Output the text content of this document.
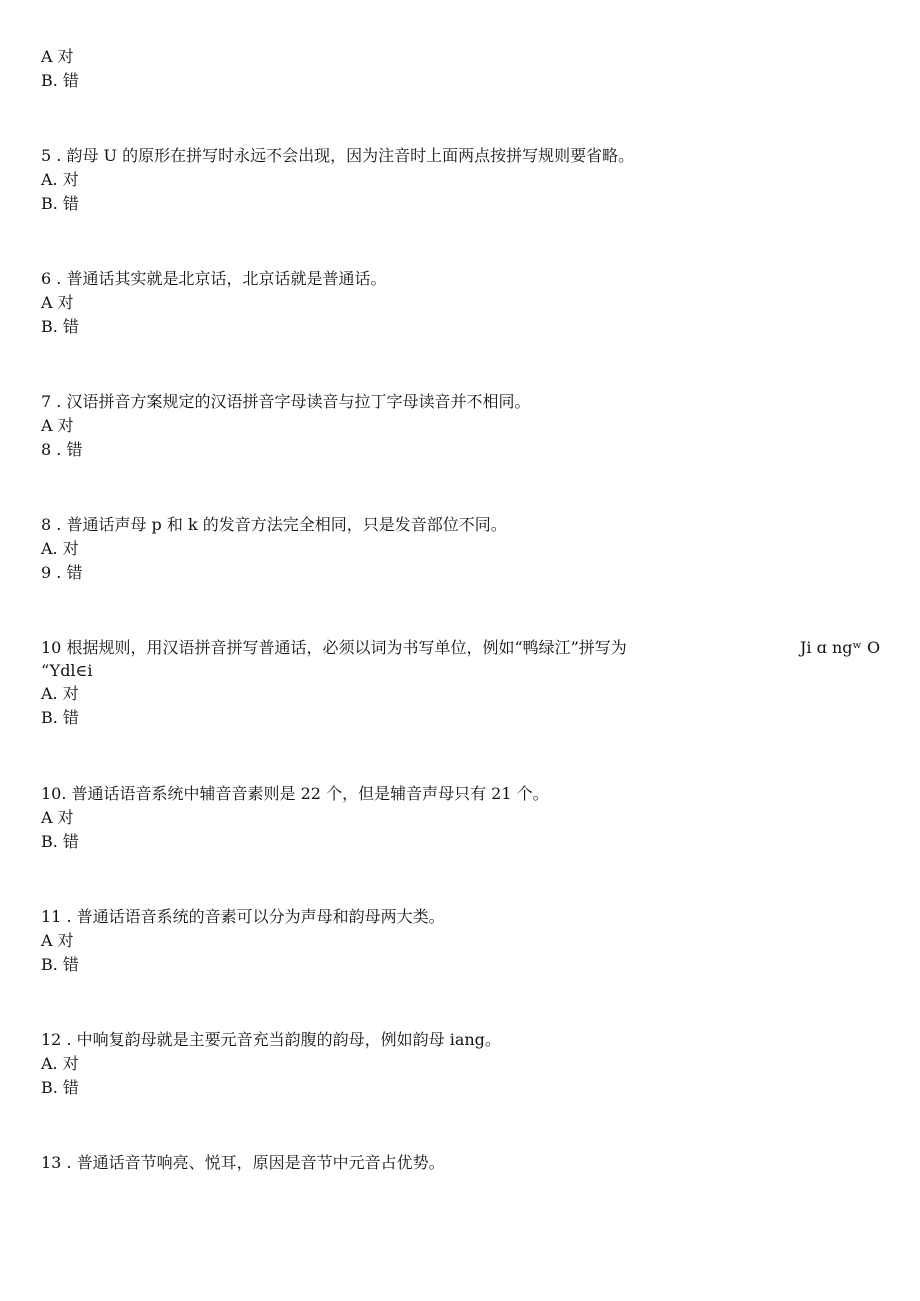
A 对
B. 错
5 . 韵母 U 的原形在拼写时永远不会出现，因为注音时上面两点按拼写规则要省略。
A. 对
B. 错
6 . 普通话其实就是北京话，北京话就是普通话。
A 对
B. 错
7 . 汉语拼音方案规定的汉语拼音字母读音与拉丁字母读音并不相同。
A 对
8 . 错
8 . 普通话声母 p 和 k 的发音方法完全相同，只是发音部位不同。
A. 对
9 . 错
10 根据规则，用汉语拼音拼写普通话，必须以词为书写单位，例如“鸭绿江”拼写为	Ji ɑ ngʷ O
“Ydl∈i
A. 对
B. 错
10. 普通话语音系统中辅音音素则是 22 个，但是辅音声母只有 21 个。
A 对
B. 错
11 . 普通话语音系统的音素可以分为声母和韵母两大类。
A 对
B. 错
12 . 中响复韵母就是主要元音充当韵腹的韵母，例如韵母 iang。
A. 对
B. 错
13 . 普通话音节响亮、悦耳，原因是音节中元音占优势。
